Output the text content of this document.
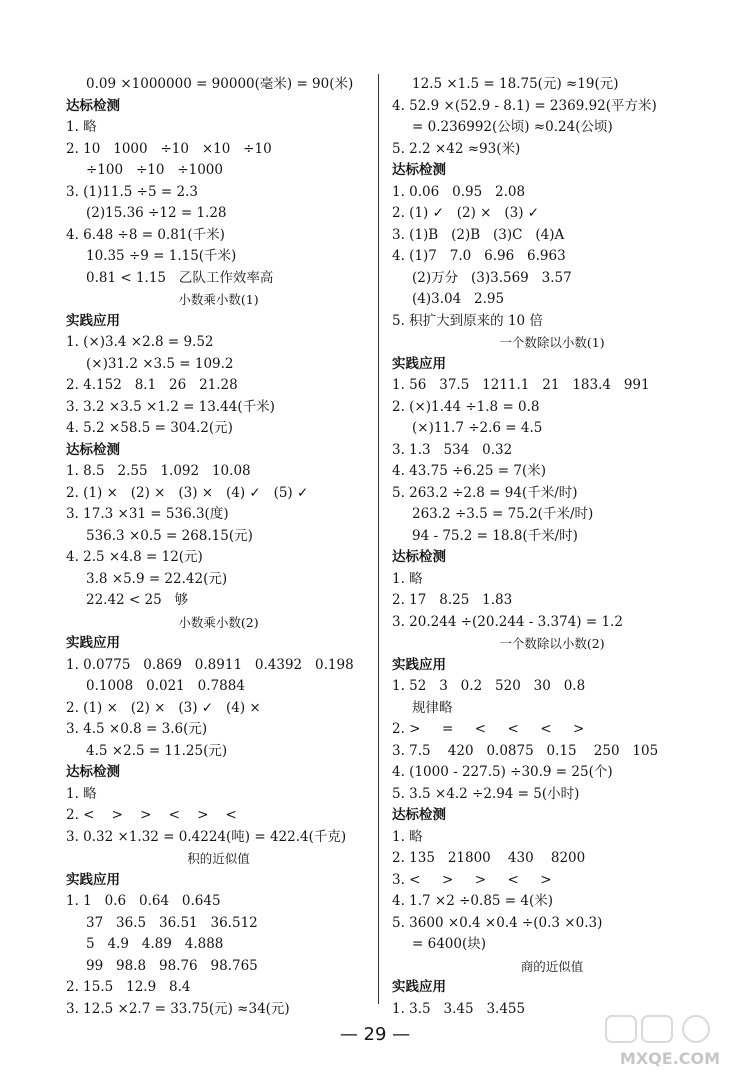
0.09 ×1000000 = 90000(毫米) = 90(米)
达标检测
1. 略
2. 10   1000   ÷10   ×10   ÷10
÷100   ÷10   ÷1000
3. (1)11.5 ÷5 = 2.3
(2)15.36 ÷12 = 1.28
4. 6.48 ÷8 = 0.81(千米)
10.35 ÷9 = 1.15(千米)
0.81 < 1.15   乙队工作效率高
小数乘小数(1)
实践应用
1. (×)3.4 ×2.8 = 9.52
(×)31.2 ×3.5 = 109.2
2. 4.152   8.1   26   21.28
3. 3.2 ×3.5 ×1.2 = 13.44(千米)
4. 5.2 ×58.5 = 304.2(元)
达标检测
1. 8.5   2.55   1.092   10.08
2. (1) ×   (2) ×   (3) ×   (4) ✓   (5) ✓
3. 17.3 ×31 = 536.3(度)
536.3 ×0.5 = 268.15(元)
4. 2.5 ×4.8 = 12(元)
3.8 ×5.9 = 22.42(元)
22.42 < 25   够
小数乘小数(2)
实践应用
1. 0.0775   0.869   0.8911   0.4392   0.198
0.1008   0.021   0.7884
2. (1) ×   (2) ×   (3) ✓   (4) ×
3. 4.5 ×0.8 = 3.6(元)
4.5 ×2.5 = 11.25(元)
达标检测
1. 略
2. <    >    >    <    >    <
3. 0.32 ×1.32 = 0.4224(吨) = 422.4(千克)
积的近似值
实践应用
1. 1   0.6   0.64   0.645
37   36.5   36.51   36.512
5   4.9   4.89   4.888
99   98.8   98.76   98.765
2. 15.5   12.9   8.4
3. 12.5 ×2.7 = 33.75(元) ≈34(元)
12.5 ×1.5 = 18.75(元) ≈19(元)
4. 52.9 ×(52.9 - 8.1) = 2369.92(平方米)
= 0.236992(公顷) ≈0.24(公顷)
5. 2.2 ×42 ≈93(米)
达标检测
1. 0.06   0.95   2.08
2. (1) ✓   (2) ×   (3) ✓
3. (1)B   (2)B   (3)C   (4)A
4. (1)7   7.0   6.96   6.963
(2)万分   (3)3.569   3.57
(4)3.04   2.95
5. 积扩大到原来的 10 倍
一个数除以小数(1)
实践应用
1. 56   37.5   1211.1   21   183.4   991
2. (×)1.44 ÷1.8 = 0.8
(×)11.7 ÷2.6 = 4.5
3. 1.3   534   0.32
4. 43.75 ÷6.25 = 7(米)
5. 263.2 ÷2.8 = 94(千米/时)
263.2 ÷3.5 = 75.2(千米/时)
94 - 75.2 = 18.8(千米/时)
达标检测
1. 略
2. 17   8.25   1.83
3. 20.244 ÷(20.244 - 3.374) = 1.2
一个数除以小数(2)
实践应用
1. 52   3   0.2   520   30   0.8
规律略
2. >     =     <     <     <     >
3. 7.5    420   0.0875   0.15    250   105
4. (1000 - 227.5) ÷30.9 = 25(个)
5. 3.5 ×4.2 ÷2.94 = 5(小时)
达标检测
1. 略
2. 135   21800    430    8200
3. <     >     >     <     >
4. 1.7 ×2 ÷0.85 = 4(米)
5. 3600 ×0.4 ×0.4 ÷(0.3 ×0.3)
= 6400(块)
商的近似值
实践应用
1. 3.5   3.45   3.455
— 29 —
MXQE.COM
